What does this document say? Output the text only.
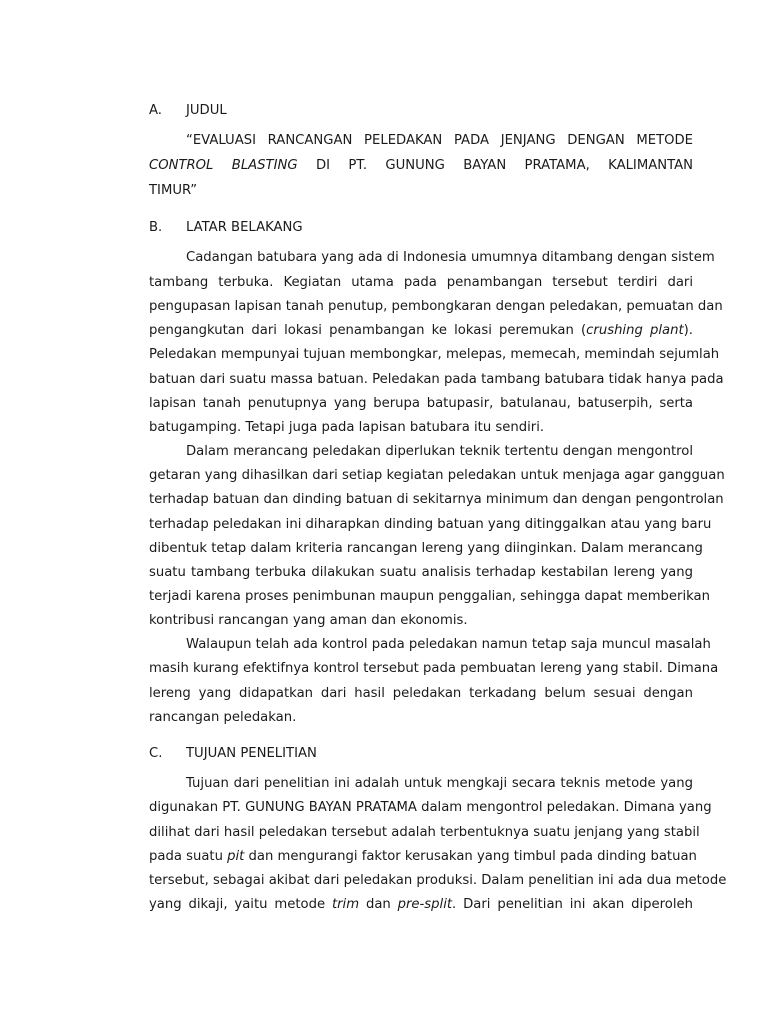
A. JUDUL
“EVALUASI RANCANGAN PELEDAKAN PADA JENJANG DENGAN METODE
CONTROL BLASTING DI PT. GUNUNG BAYAN PRATAMA, KALIMANTAN
TIMUR”
B. LATAR BELAKANG
Cadangan batubara yang ada di Indonesia umumnya ditambang dengan sistem
tambang terbuka. Kegiatan utama pada penambangan tersebut terdiri dari
pengupasan lapisan tanah penutup, pembongkaran dengan peledakan, pemuatan dan
pengangkutan dari lokasi penambangan ke lokasi peremukan (crushing plant).
Peledakan mempunyai tujuan membongkar, melepas, memecah, memindah sejumlah
batuan dari suatu massa batuan. Peledakan pada tambang batubara tidak hanya pada
lapisan tanah penutupnya yang berupa batupasir, batulanau, batuserpih, serta
batugamping. Tetapi juga pada lapisan batubara itu sendiri.
Dalam merancang peledakan diperlukan teknik tertentu dengan mengontrol
getaran yang dihasilkan dari setiap kegiatan peledakan untuk menjaga agar gangguan
terhadap batuan dan dinding batuan di sekitarnya minimum dan dengan pengontrolan
terhadap peledakan ini diharapkan dinding batuan yang ditinggalkan atau yang baru
dibentuk tetap dalam kriteria rancangan lereng yang diinginkan. Dalam merancang
suatu tambang terbuka dilakukan suatu analisis terhadap kestabilan lereng yang
terjadi karena proses penimbunan maupun penggalian, sehingga dapat memberikan
kontribusi rancangan yang aman dan ekonomis.
Walaupun telah ada kontrol pada peledakan namun tetap saja muncul masalah
masih kurang efektifnya kontrol tersebut pada pembuatan lereng yang stabil. Dimana
lereng yang didapatkan dari hasil peledakan terkadang belum sesuai dengan
rancangan peledakan.
C. TUJUAN PENELITIAN
Tujuan dari penelitian ini adalah untuk mengkaji secara teknis metode yang
digunakan PT. GUNUNG BAYAN PRATAMA dalam mengontrol peledakan. Dimana yang
dilihat dari hasil peledakan tersebut adalah terbentuknya suatu jenjang yang stabil
pada suatu pit dan mengurangi faktor kerusakan yang timbul pada dinding batuan
tersebut, sebagai akibat dari peledakan produksi. Dalam penelitian ini ada dua metode
yang dikaji, yaitu metode trim dan pre-split. Dari penelitian ini akan diperoleh
